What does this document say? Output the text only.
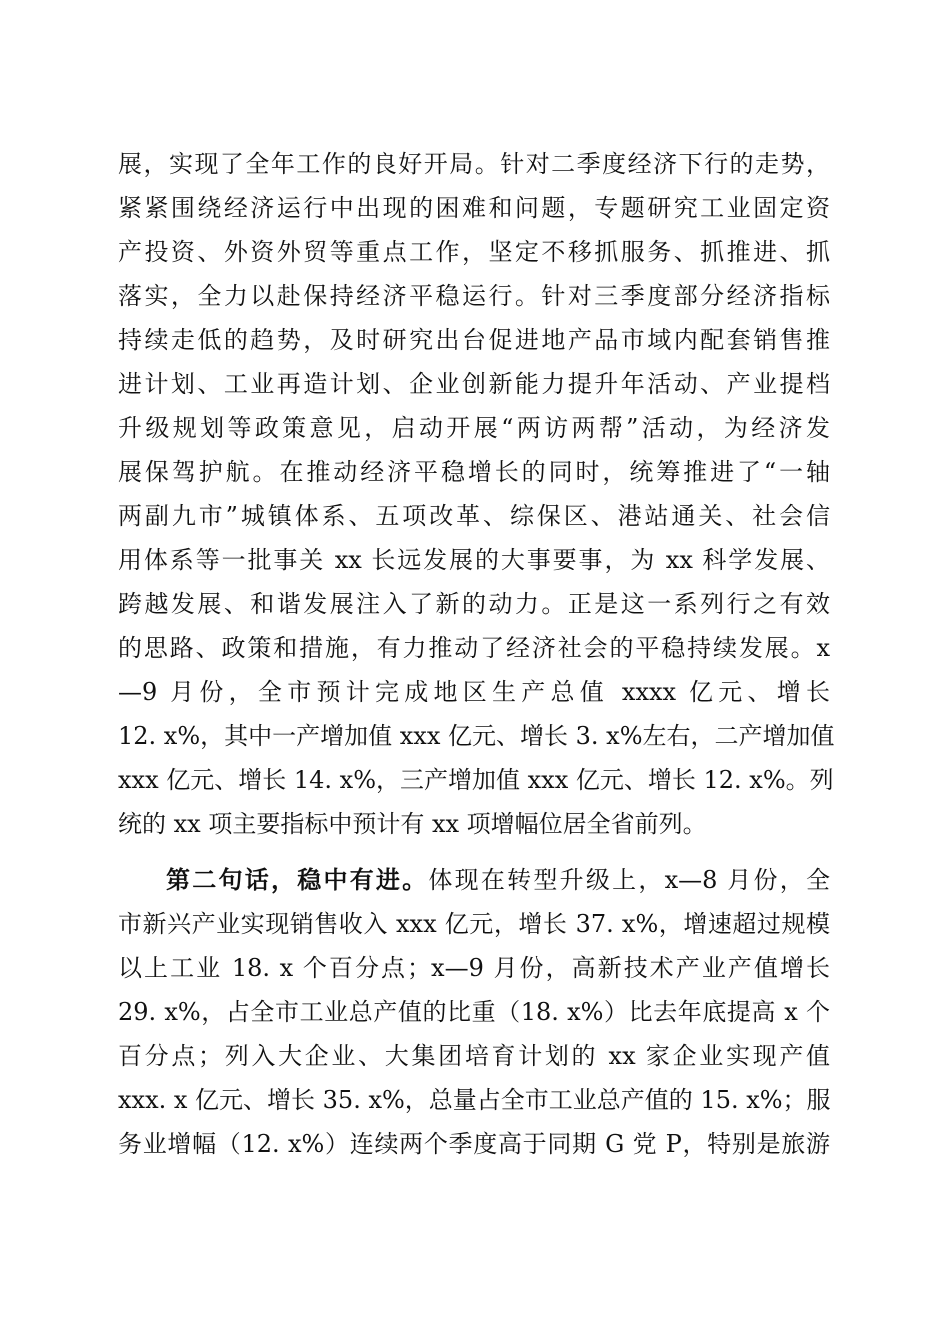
展，实现了全年工作的良好开局。针对二季度经济下行的走势，
紧紧围绕经济运行中出现的困难和问题，专题研究工业固定资
产投资、外资外贸等重点工作，坚定不移抓服务、抓推进、抓
落实，全力以赴保持经济平稳运行。针对三季度部分经济指标
持续走低的趋势，及时研究出台促进地产品市域内配套销售推
进计划、工业再造计划、企业创新能力提升年活动、产业提档
升级规划等政策意见，启动开展“两访两帮”活动，为经济发
展保驾护航。在推动经济平稳增长的同时，统筹推进了“一轴
两副九市”城镇体系、五项改革、综保区、港站通关、社会信
用体系等一批事关 xx 长远发展的大事要事，为 xx 科学发展、
跨越发展、和谐发展注入了新的动力。正是这一系列行之有效
的思路、政策和措施，有力推动了经济社会的平稳持续发展。x
—9 月份，全市预计完成地区生产总值 xxxx 亿元、增长
12. x%，其中一产增加值 xxx 亿元、增长 3. x%左右，二产增加值
xxx 亿元、增长 14. x%，三产增加值 xxx 亿元、增长 12. x%。列
统的 xx 项主要指标中预计有 xx 项增幅位居全省前列。
第二句话，稳中有进。体现在转型升级上，x—8 月份，全
市新兴产业实现销售收入 xxx 亿元，增长 37. x%，增速超过规模
以上工业 18. x 个百分点；x—9 月份，高新技术产业产值增长
29. x%，占全市工业总产值的比重（18. x%）比去年底提高 x 个
百分点；列入大企业、大集团培育计划的 xx 家企业实现产值
xxx. x 亿元、增长 35. x%，总量占全市工业总产值的 15. x%；服
务业增幅（12. x%）连续两个季度高于同期 G 党 P，特别是旅游
